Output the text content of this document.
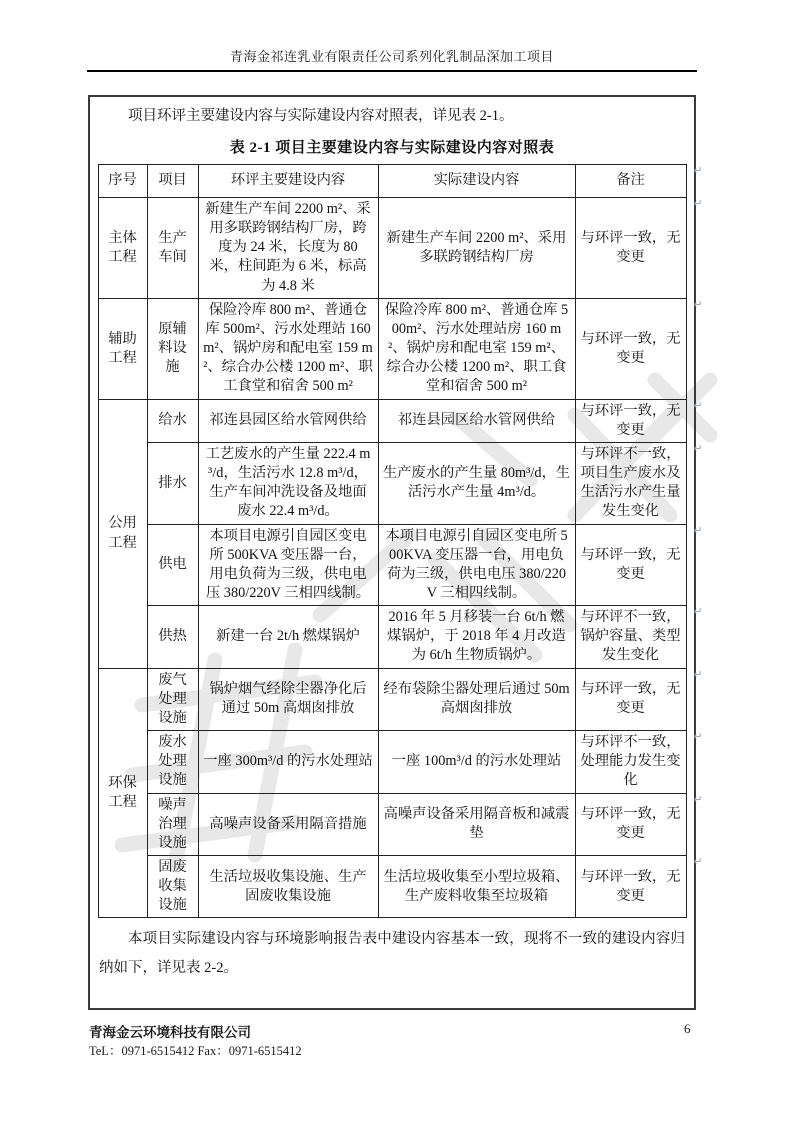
青海金祁连乳业有限责任公司系列化乳制品深加工项目

项目环评主要建设内容与实际建设内容对照表，详见表 2-1。

表 2-1 项目主要建设内容与实际建设内容对照表
序号	项目	环评主要建设内容	实际建设内容	备注
↵

主体工程	生产车间	新建生产车间 2200 m²、采用多联跨钢结构厂房，跨度为 24 米，长度为 80 米，柱间距为 6 米，标高为 4.8 米	新建生产车间 2200 m²、采用多联跨钢结构厂房	与环评一致，无变更
↵

辅助工程	原辅料设施	保险冷库 800 m²、普通仓库 500m²、污水处理站 160 m²、锅炉房和配电室 159 m²、综合办公楼 1200 m²、职工食堂和宿舍 500 m²	保险冷库 800 m²、普通仓库 500m²、污水处理站房 160 m²、锅炉房和配电室 159 m²、综合办公楼 1200 m²、职工食堂和宿舍 500 m²	与环评一致，无变更
↵

公用工程	给水	祁连县园区给水管网供给	祁连县园区给水管网供给	与环评一致，无变更
↵

	排水	工艺废水的产生量 222.4 m³/d，生活污水 12.8 m³/d，生产车间冲洗设备及地面废水 22.4 m³/d。	生产废水的产生量 80m³/d，生活污水产生量 4m³/d。	与环评不一致，项目生产废水及生活污水产生量发生变化
↵

	供电	本项目电源引自园区变电所 500KVA 变压器一台，用电负荷为三级，供电电压 380/220V 三相四线制。	本项目电源引自园区变电所 500KVA 变压器一台，用电负荷为三级，供电电压 380/220V 三相四线制。	与环评一致，无变更
↵

	供热	新建一台 2t/h 燃煤锅炉	2016 年 5 月移装一台 6t/h 燃煤锅炉，于 2018 年 4 月改造为 6t/h 生物质锅炉。	与环评不一致，锅炉容量、类型发生变化
↵

环保工程	废气处理设施	锅炉烟气经除尘器净化后通过 50m 高烟囱排放	经布袋除尘器处理后通过 50m 高烟囱排放	与环评一致，无变更
↵

	废水处理设施	一座 300m³/d 的污水处理站	一座 100m³/d 的污水处理站	与环评不一致，处理能力发生变化
↵

	噪声治理设施	高噪声设备采用隔音措施	高噪声设备采用隔音板和减震垫	与环评一致，无变更
↵

	固废收集设施	生活垃圾收集设施、生产固废收集设施	生活垃圾收集至小型垃圾箱、生产废料收集至垃圾箱	与环评一致，无变更
↵

本项目实际建设内容与环境影响报告表中建设内容基本一致，现将不一致的建设内容归纳如下，详见表 2-2。

青海金云环境科技有限公司
TeL：0971-6515412 Fax：0971-6515412
6
